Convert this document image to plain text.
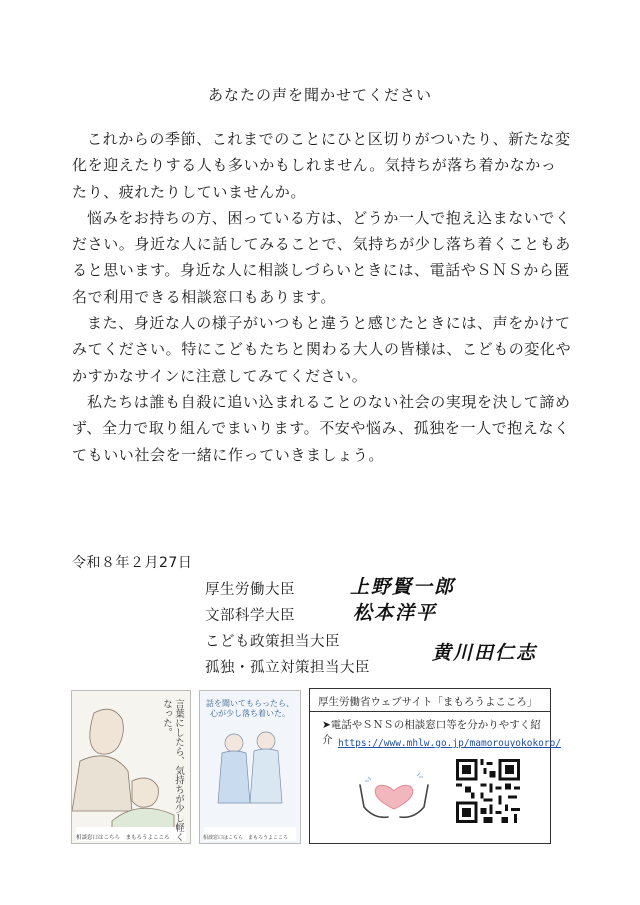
あなたの声を聞かせてください

これからの季節、これまでのことにひと区切りがついたり、新たな変化を迎えたりする人も多いかもしれません。気持ちが落ち着かなかったり、疲れたりしていませんか。

悩みをお持ちの方、困っている方は、どうか一人で抱え込まないでください。身近な人に話してみることで、気持ちが少し落ち着くこともあると思います。身近な人に相談しづらいときには、電話やＳＮＳから匿名で利用できる相談窓口もあります。

また、身近な人の様子がいつもと違うと感じたときには、声をかけてみてください。特にこどもたちと関わる大人の皆様は、こどもの変化やかすかなサインに注意してみてください。

私たちは誰も自殺に追い込まれることのない社会の実現を決して諦めず、全力で取り組んでまいります。不安や悩み、孤独を一人で抱えなくてもいい社会を一緒に作っていきましょう。

令和８年２月27日
厚生労働大臣
文部科学大臣
こども政策担当大臣
孤独・孤立対策担当大臣
上野賢一郎
松本洋平
黄川田仁志
言葉にしたら、気持ちが少し軽くなった。
相談窓口はこちら　まもろうよこころ
話を聞いてもらったら、心が少し落ち着いた。
相談窓口はこちら　まもろうよこころ
厚生労働省ウェブサイト「まもろうよこころ」
➤電話やＳＮＳの相談窓口等を分かりやすく紹介 https://www.mhlw.go.jp/mamorouyokokoro/
